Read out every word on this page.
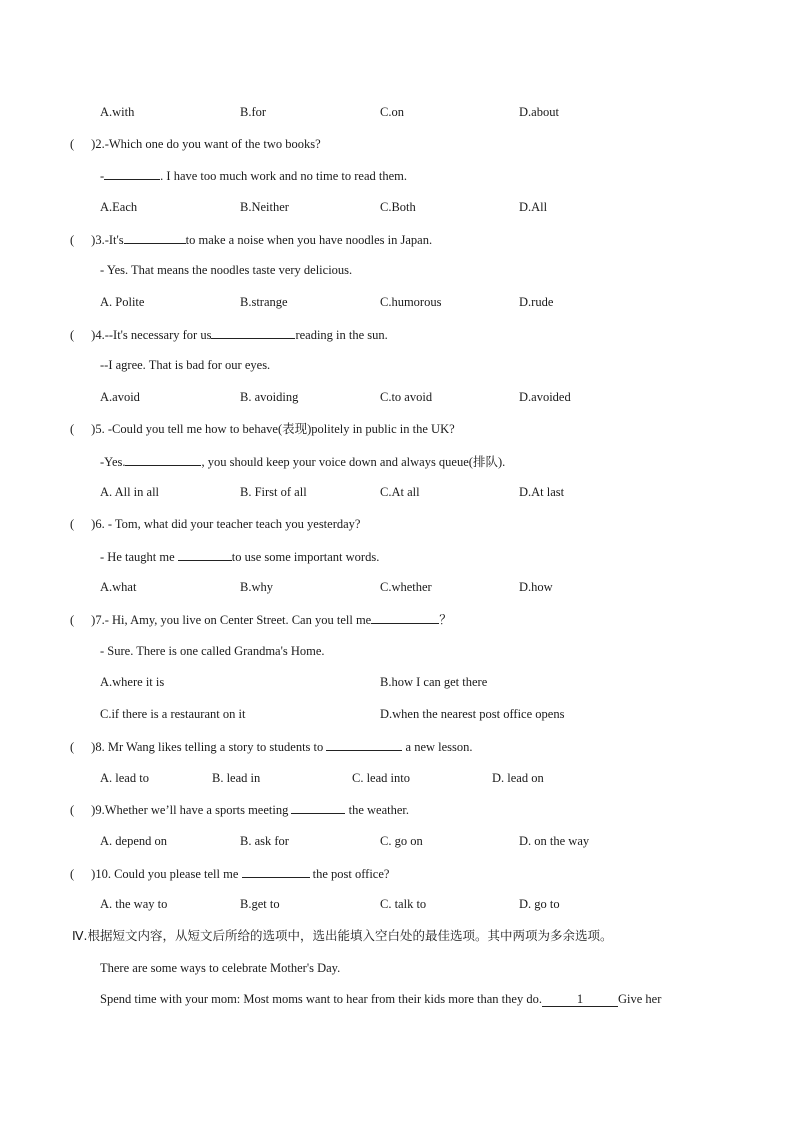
A.with	B.for	C.on	D.about
( )2.-Which one do you want of the two books?
-	. I have too much work and no time to read them.
A.Each	B.Neither	C.Both	D.All
( )3.-It's	to make a noise when you have noodles in Japan.
- Yes. That means the noodles taste very delicious.
A. Polite	B.strange	C.humorous	D.rude
( )4.--It's necessary for us	reading in the sun.
--I agree. That is bad for our eyes.
A.avoid	B. avoiding	C.to avoid	D.avoided
( )5. -Could you tell me how to behave(表现)politely in public in the UK?
-Yes.	, you should keep your voice down and always queue(排队).
A. All in all	B. First of all	C.At all	D.At last
( )6. - Tom, what did your teacher teach you yesterday?
- He taught me	to use some important words.
A.what	B.why	C.whether	D.how
( )7.- Hi, Amy, you live on Center Street. Can you tell me	？
- Sure. There is one called Grandma's Home.
A.where it is	B.how I can get there
C.if there is a restaurant on it	D.when the nearest post office opens
( )8. Mr Wang likes telling a story to students to	a new lesson.
A. lead to	B. lead in	C. lead into	D. lead on
( )9.Whether we’ll have a sports meeting	the weather.
A. depend on	B. ask for	C. go on	D. on the way
( )10. Could you please tell me	the post office?
A. the way to	B.get to	C. talk to	D. go to
Ⅳ.根据短文内容，从短文后所给的选项中，选出能填入空白处的最佳选项。其中两项为多余选项。
There are some ways to celebrate Mother's Day.
Spend time with your mom: Most moms want to hear from their kids more than they do.	1	Give her
